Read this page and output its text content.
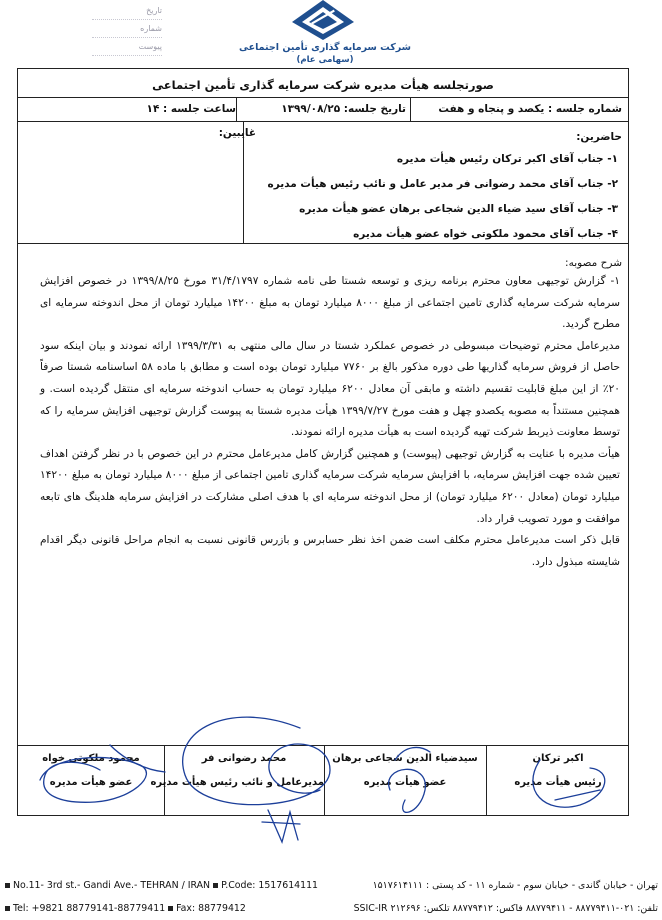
تاریخ
شماره
پیوست	شرکت سرمایه گذاری تأمین اجتماعی
(سهامی عام)
صورتجلسه هیأت مدیره شرکت سرمایه گذاری تأمین اجتماعی
شماره جلسه : یکصد و پنجاه و هفت
تاریخ جلسه: ۱۳۹۹/۰۸/۲۵
ساعت جلسه : ۱۴
غایبین:	حاضرین:
۱- جناب آقای اکبر ترکان رئیس هیأت مدیره
۲- جناب آقای محمد رضوانی فر مدیر عامل و نائب رئیس هیأت مدیره
۳- جناب آقای سید ضیاء الدین شجاعی برهان عضو هیأت مدیره
۴- جناب آقای محمود ملکوتی خواه عضو هیأت مدیره
شرح مصوبه:

۱- گزارش توجیهی معاون محترم برنامه ریزی و توسعه شستا طی نامه شماره ۳۱/۴/۱۷۹۷ مورخ ۱۳۹۹/۸/۲۵ در خصوص افزایش سرمایه شرکت سرمایه گذاری تامین اجتماعی از مبلغ ۸۰۰۰ میلیارد تومان به مبلغ ۱۴۲۰۰ میلیارد تومان از محل اندوخته سرمایه ای مطرح گردید.

مدیرعامل محترم توضیحات مبسوطی در خصوص عملکرد شستا در سال مالی منتهی به ۱۳۹۹/۳/۳۱ ارائه نمودند و بیان اینکه سود حاصل از فروش سرمایه گذاریها طی دوره مذکور بالغ بر ۷۷۶۰ میلیارد تومان بوده است و مطابق با ماده ۵۸ اساسنامه شستا صرفاً ۲۰٪ از این مبلغ قابلیت تقسیم داشته و مابقی آن معادل ۶۲۰۰ میلیارد تومان به حساب اندوخته سرمایه ای منتقل گردیده است. و همچنین مستنداً به مصوبه یکصدو چهل و هفت مورخ ۱۳۹۹/۷/۲۷ هیأت مدیره شستا به پیوست گزارش توجیهی افزایش سرمایه را که توسط معاونت ذیربط شرکت تهیه گردیده است به هیأت مدیره ارائه نمودند.

هیأت مدیره با عنایت به گزارش توجیهی (پیوست) و همچنین گزارش کامل مدیرعامل محترم در این خصوص با در نظر گرفتن اهداف تعیین شده جهت افزایش سرمایه، با افزایش سرمایه شرکت سرمایه گذاری تامین اجتماعی از مبلغ ۸۰۰۰ میلیارد تومان به مبلغ ۱۴۲۰۰ میلیارد تومان (معادل ۶۲۰۰ میلیارد تومان) از محل اندوخته سرمایه ای با هدف اصلی مشارکت در افزایش سرمایه هلدینگ های تابعه موافقت و مورد تصویب قرار داد.

قابل ذکر است مدیرعامل محترم مکلف است ضمن اخذ نظر حسابرس و بازرس قانونی نسبت به انجام مراحل قانونی دیگر اقدام شایسته مبذول دارد.

اکبر ترکان
رئیس هیأت مدیره
سیدضیاء الدین شجاعی برهان
عضو هیأت مدیره
محمد رضوانی فر
مدیرعامل و نائب رئیس هیأت مدیره
محمود ملکوتی خواه
عضو هیأت مدیره
No.11- 3rd st.- Gandi Ave.- TEHRAN / IRAN P.Code: 1517614111	تهران - خیابان گاندی - خیابان سوم - شماره ۱۱ - کد پستی : ۱۵۱۷۶۱۴۱۱۱
Tel: +9821 88779141-88779411 Fax: 88779412	تلفن: ۰۲۱-۸۸۷۷۹۴۱۱ - ۸۸۷۷۹۴۱۱ فاکس: ۸۸۷۷۹۴۱۲ تلکس: SSIC-IR ۲۱۲۶۹۶
